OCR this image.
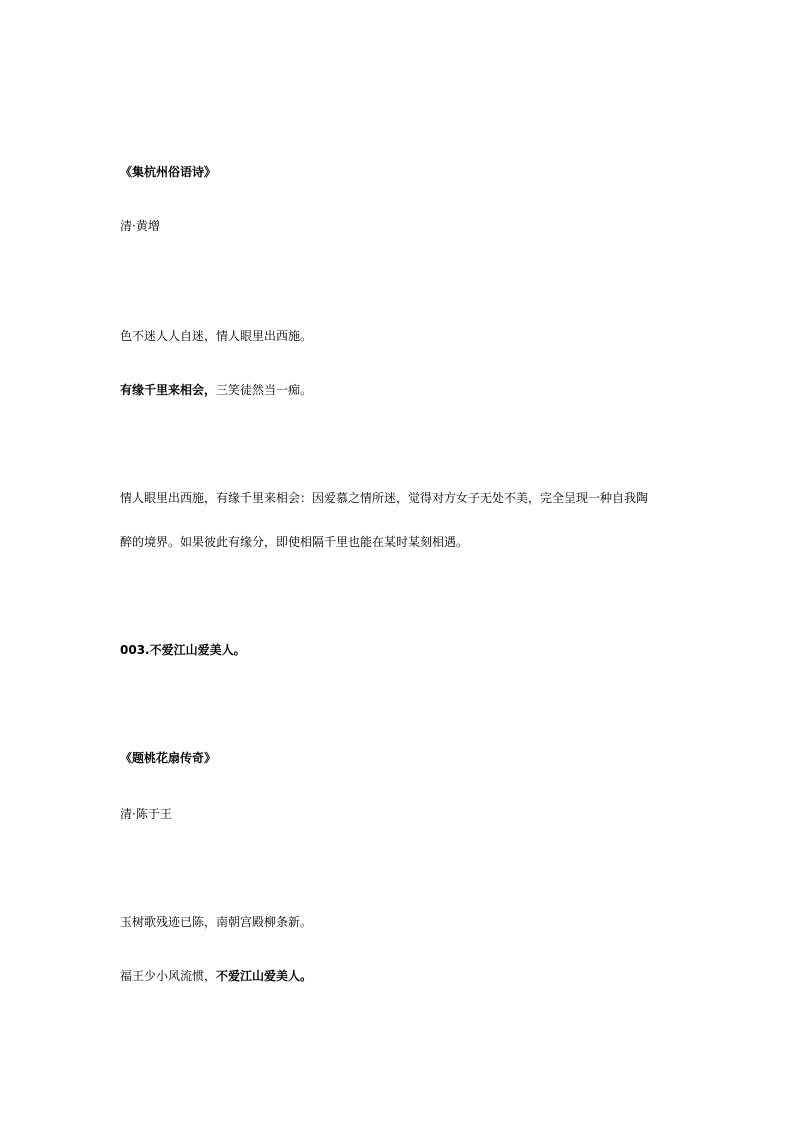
《集杭州俗语诗》
清·黄增
色不迷人人自迷，情人眼里出西施。
有缘千里来相会，三笑徒然当一痴。
情人眼里出西施，有缘千里来相会：因爱慕之情所迷，觉得对方女子无处不美，完全呈现一种自我陶
醉的境界。如果彼此有缘分，即使相隔千里也能在某时某刻相遇。
003.不爱江山爱美人。
《题桃花扇传奇》
清·陈于王
玉树歌残迹已陈，南朝宫殿柳条新。
福王少小风流惯，不爱江山爱美人。
